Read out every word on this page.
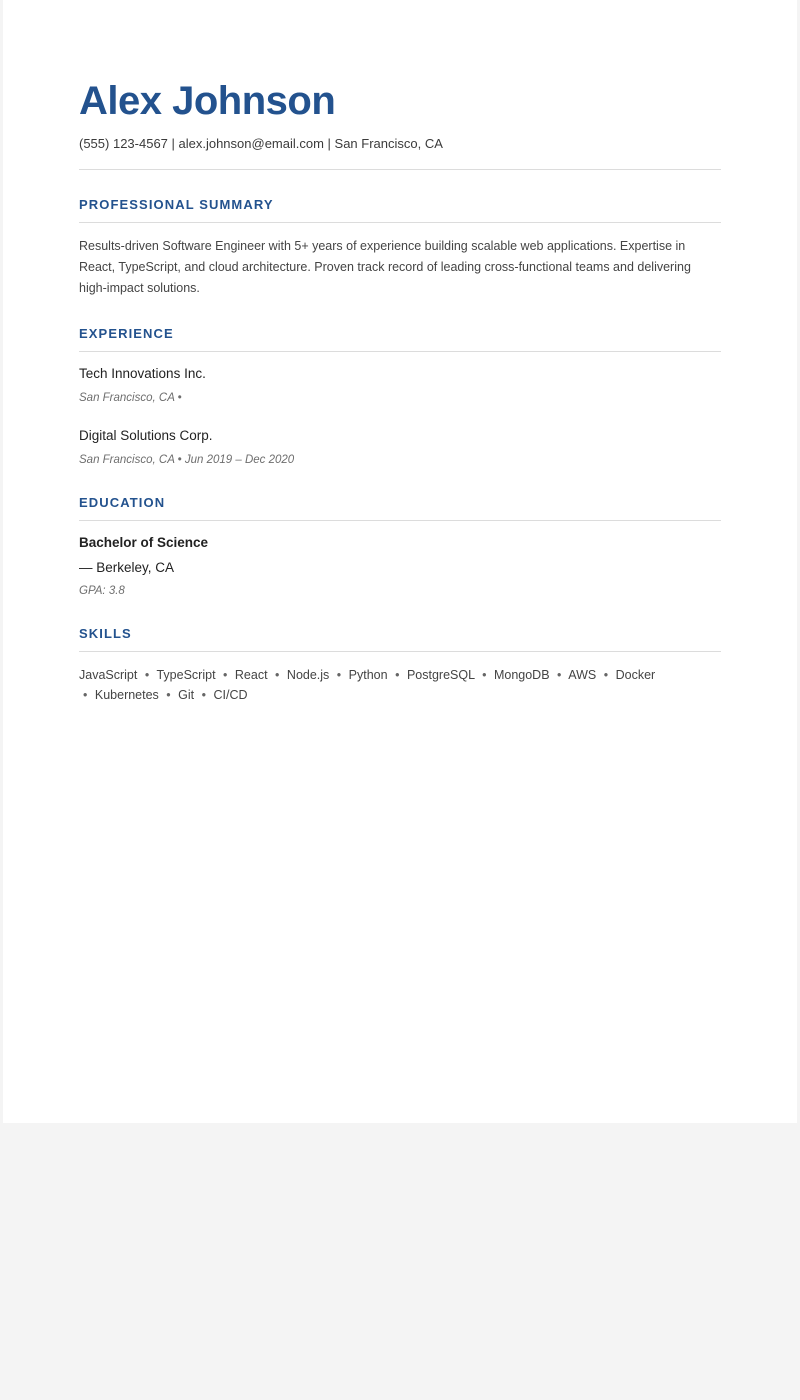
Alex Johnson
(555) 123-4567 | alex.johnson@email.com | San Francisco, CA
PROFESSIONAL SUMMARY

Results-driven Software Engineer with 5+ years of experience building scalable web applications. Expertise in React, TypeScript, and cloud architecture. Proven track record of leading cross-functional teams and delivering high-impact solutions.

EXPERIENCE
Tech Innovations Inc.
San Francisco, CA •
Digital Solutions Corp.
San Francisco, CA • Jun 2019 – Dec 2020
EDUCATION
Bachelor of Science
— Berkeley, CA
GPA: 3.8
SKILLS
JavaScript • TypeScript • React • Node.js • Python • PostgreSQL • MongoDB • AWS • Docker • Kubernetes • Git • CI/CD
